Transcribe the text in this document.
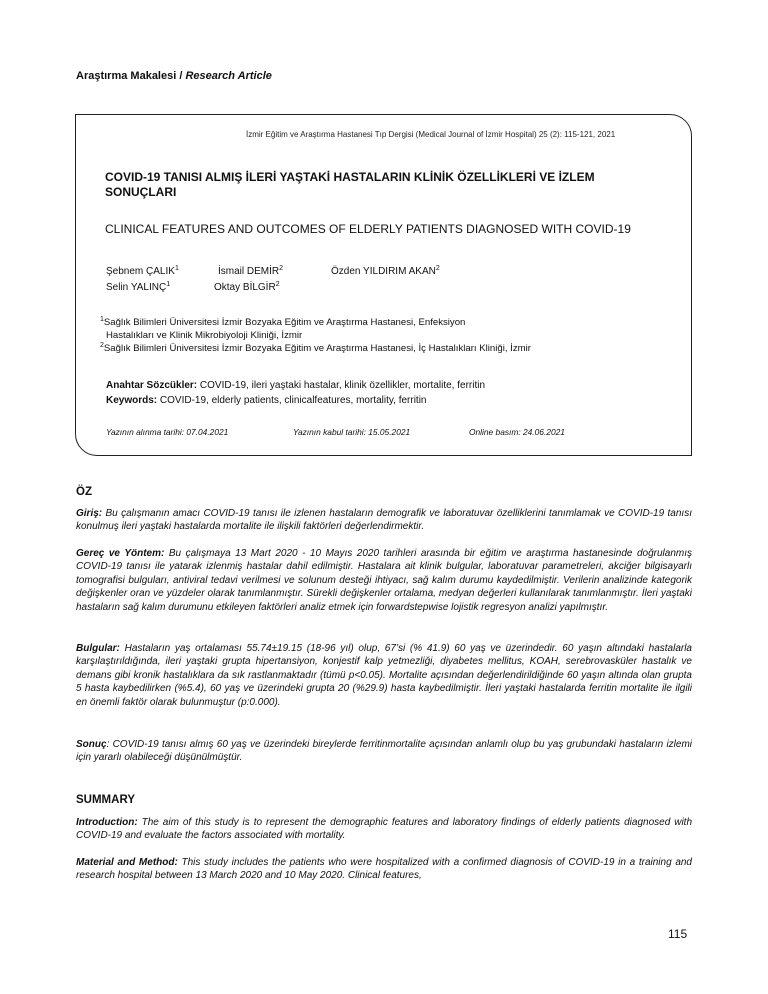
Araştırma Makalesi / Research Article
İzmir Eğitim ve Araştırma Hastanesi Tıp Dergisi (Medical Journal of İzmir Hospital) 25 (2): 115-121, 2021
COVID-19 TANISI ALMIŞ İLERİ YAŞTAKİ HASTALARIN KLİNİK ÖZELLİKLERİ VE İZLEM SONUÇLARI
CLINICAL FEATURES AND OUTCOMES OF ELDERLY PATIENTS DIAGNOSED WITH COVID-19
Şebnem ÇALIK$^1$	İsmail DEMİR$^2$	Özden YILDIRIM AKAN$^2$
Selin YALINÇ$^1$	Oktay BİLGİR$^2$
$^1$Sağlık Bilimleri Üniversitesi İzmir Bozyaka Eğitim ve Araştırma Hastanesi, Enfeksiyon
Hastalıkları ve Klinik Mikrobiyoloji Kliniği, İzmir
$^2$Sağlık Bilimleri Üniversitesi İzmir Bozyaka Eğitim ve Araştırma Hastanesi, İç Hastalıkları Kliniği, İzmir
Anahtar Sözcükler: COVID-19, ileri yaştaki hastalar, klinik özellikler, mortalite, ferritin
Keywords: COVID-19, elderly patients, clinicalfeatures, mortality, ferritin
Yazının alınma tarihi: 07.04.2021	Yazının kabul tarihi: 15.05.2021	Online basım: 24.06.2021
ÖZ
Giriş: Bu çalışmanın amacı COVID-19 tanısı ile izlenen hastaların demografik ve laboratuvar özelliklerini tanımlamak ve COVID-19 tanısı konulmuş ileri yaştaki hastalarda mortalite ile ilişkili faktörleri değerlendirmektir.
Gereç ve Yöntem: Bu çalışmaya 13 Mart 2020 - 10 Mayıs 2020 tarihleri arasında bir eğitim ve araştırma hastanesinde doğrulanmış COVID-19 tanısı ile yatarak izlenmiş hastalar dahil edilmiştir. Hastalara ait klinik bulgular, laboratuvar parametreleri, akciğer bilgisayarlı tomografisi bulguları, antiviral tedavi verilmesi ve solunum desteği ihtiyacı, sağ kalım durumu kaydedilmiştir. Verilerin analizinde kategorik değişkenler oran ve yüzdeler olarak tanımlanmıştır. Sürekli değişkenler ortalama, medyan değerleri kullanılarak tanımlanmıştır. İleri yaştaki hastaların sağ kalım durumunu etkileyen faktörleri analiz etmek için forwardstepwise lojistik regresyon analizi yapılmıştır.
Bulgular: Hastaların yaş ortalaması 55.74±19.15 (18-96 yıl) olup, 67’si (% 41.9) 60 yaş ve üzerindedir. 60 yaşın altındaki hastalarla karşılaştırıldığında, ileri yaştaki grupta hipertansiyon, konjestif kalp yetmezliği, diyabetes mellitus, KOAH, serebrovasküler hastalık ve demans gibi kronik hastalıklara da sık rastlanmaktadır (tümü p<0.05). Mortalite açısından değerlendirildiğinde 60 yaşın altında olan grupta 5 hasta kaybedilirken (%5.4), 60 yaş ve üzerindeki grupta 20 (%29.9) hasta kaybedilmiştir. İleri yaştaki hastalarda ferritin mortalite ile ilgili en önemli faktör olarak bulunmuştur (p:0.000).
Sonuç: COVID-19 tanısı almış 60 yaş ve üzerindeki bireylerde ferritinmortalite açısından anlamlı olup bu yaş grubundaki hastaların izlemi için yararlı olabileceği düşünülmüştür.
SUMMARY
Introduction: The aim of this study is to represent the demographic features and laboratory findings of elderly patients diagnosed with COVID-19 and evaluate the factors associated with mortality.
Material and Method: This study includes the patients who were hospitalized with a confirmed diagnosis of COVID-19 in a training and research hospital between 13 March 2020 and 10 May 2020. Clinical features,
115
